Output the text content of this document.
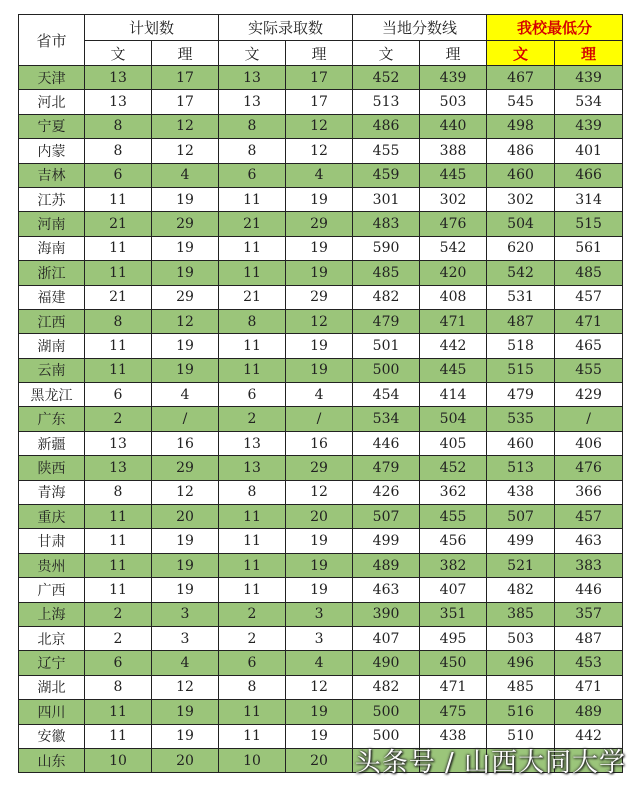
省市	计划数		实际录取数		当地分数线		我校最低分	
	文	理	文	理	文	理	文	理
天津	13	17	13	17	452	439	467	439
河北	13	17	13	17	513	503	545	534
宁夏	8	12	8	12	486	440	498	439
内蒙	8	12	8	12	455	388	486	401
吉林	6	4	6	4	459	445	460	466
江苏	11	19	11	19	301	302	302	314
河南	21	29	21	29	483	476	504	515
海南	11	19	11	19	590	542	620	561
浙江	11	19	11	19	485	420	542	485
福建	21	29	21	29	482	408	531	457
江西	8	12	8	12	479	471	487	471
湖南	11	19	11	19	501	442	518	465
云南	11	19	11	19	500	445	515	455
黑龙江	6	4	6	4	454	414	479	429
广东	2	/	2	/	534	504	535	/
新疆	13	16	13	16	446	405	460	406
陕西	13	29	13	29	479	452	513	476
青海	8	12	8	12	426	362	438	366
重庆	11	20	11	20	507	455	507	457
甘肃	11	19	11	19	499	456	499	463
贵州	11	19	11	19	489	382	521	383
广西	11	19	11	19	463	407	482	446
上海	2	3	2	3	390	351	385	357
北京	2	3	2	3	407	495	503	487
辽宁	6	4	6	4	490	450	496	453
湖北	8	12	8	12	482	471	485	471
四川	11	19	11	19	500	475	516	489
安徽	11	19	11	19	500	438	510	442
山东	10	20	10	20				头条号 / 山西大同大学
